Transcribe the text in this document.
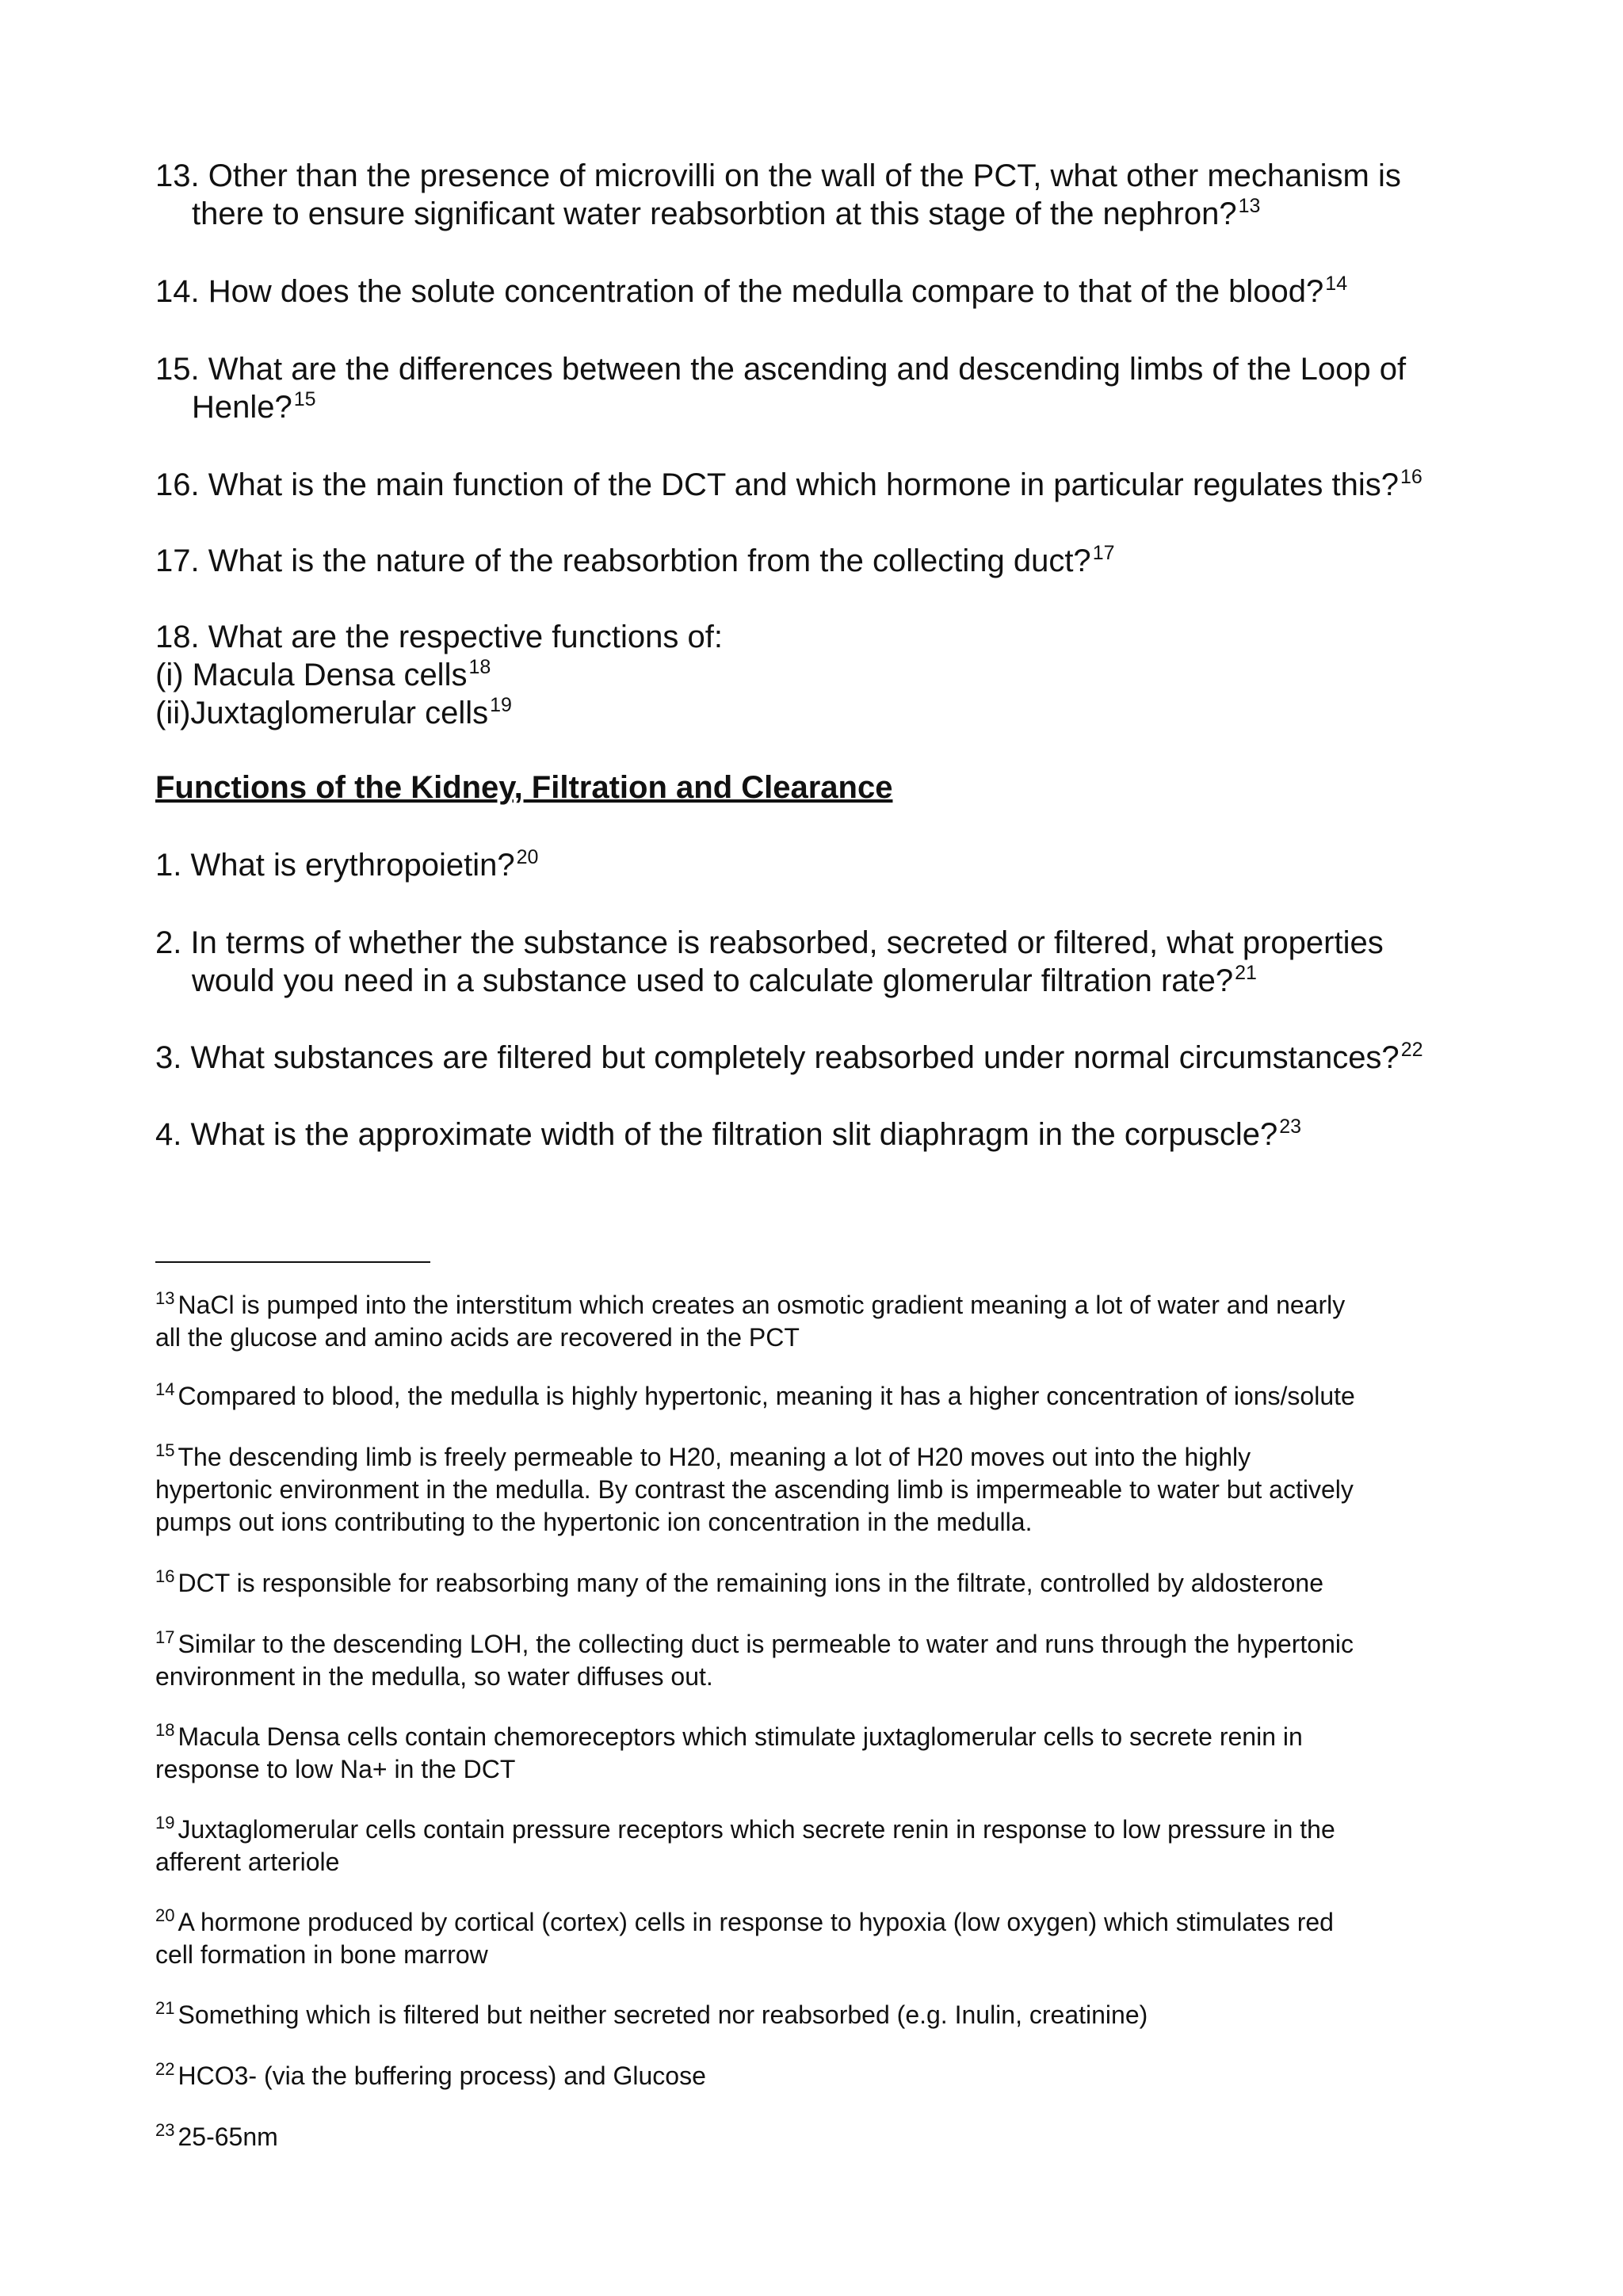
13. Other than the presence of microvilli on the wall of the PCT, what other mechanism is
there to ensure significant water reabsorbtion at this stage of the nephron?$^{13}$

14. How does the solute concentration of the medulla compare to that of the blood?$^{14}$

15. What are the differences between the ascending and descending limbs of the Loop of
Henle?$^{15}$

16. What is the main function of the DCT and which hormone in particular regulates this?$^{16}$

17. What is the nature of the reabsorbtion from the collecting duct?$^{17}$

18. What are the respective functions of:
(i) Macula Densa cells$^{18}$
(ii)Juxtaglomerular cells$^{19}$

Functions of the Kidney, Filtration and Clearance

1. What is erythropoietin?$^{20}$

2. In terms of whether the substance is reabsorbed, secreted or filtered, what properties
would you need in a substance used to calculate glomerular filtration rate?$^{21}$

3. What substances are filtered but completely reabsorbed under normal circumstances?$^{22}$

4. What is the approximate width of the filtration slit diaphragm in the corpuscle?$^{23}$

$^{13}$ NaCl is pumped into the interstitum which creates an osmotic gradient meaning a lot of water and nearly
all the glucose and amino acids are recovered in the PCT

$^{14}$ Compared to blood, the medulla is highly hypertonic, meaning it has a higher concentration of ions/solute

$^{15}$ The descending limb is freely permeable to H20, meaning a lot of H20 moves out into the highly
hypertonic environment in the medulla. By contrast the ascending limb is impermeable to water but actively
pumps out ions contributing to the hypertonic ion concentration in the medulla.

$^{16}$ DCT is responsible for reabsorbing many of the remaining ions in the filtrate, controlled by aldosterone

$^{17}$ Similar to the descending LOH, the collecting duct is permeable to water and runs through the hypertonic
environment in the medulla, so water diffuses out.

$^{18}$ Macula Densa cells contain chemoreceptors which stimulate juxtaglomerular cells to secrete renin in
response to low Na+ in the DCT

$^{19}$ Juxtaglomerular cells contain pressure receptors which secrete renin in response to low pressure in the
afferent arteriole

$^{20}$ A hormone produced by cortical (cortex) cells in response to hypoxia (low oxygen) which stimulates red
cell formation in bone marrow

$^{21}$ Something which is filtered but neither secreted nor reabsorbed (e.g. Inulin, creatinine)

$^{22}$ HCO3- (via the buffering process) and Glucose

$^{23}$ 25-65nm
